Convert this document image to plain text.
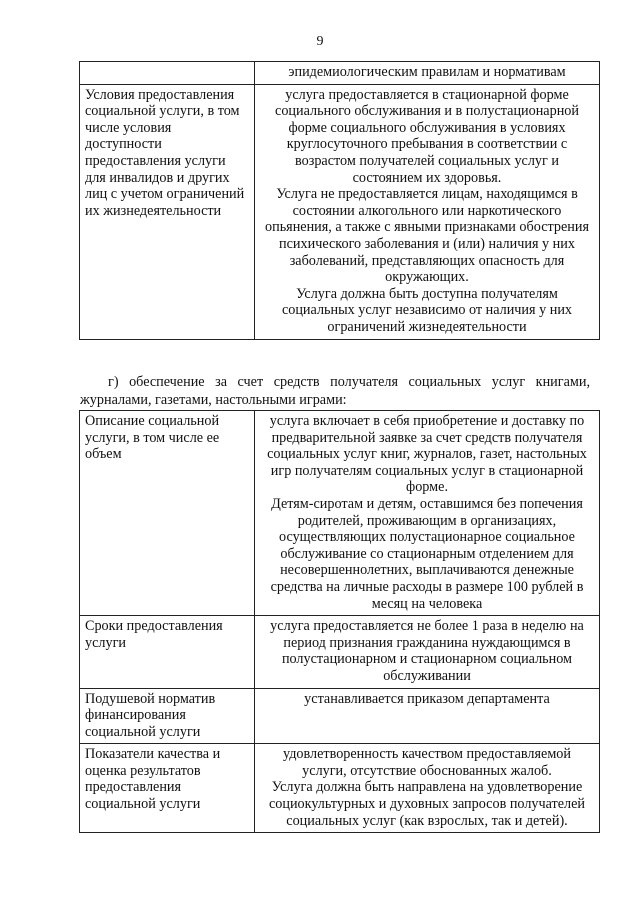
9
	эпидемиологическим правилам и нормативам
Условия предоставления социальной услуги, в том числе условия доступности предоставления услуги для инвалидов и других лиц с учетом ограничений их жизнедеятельности	услуга предоставляется в стационарной форме социального обслуживания и в полустационарной форме социального обслуживания в условиях круглосуточного пребывания в соответствии с возрастом получателей социальных услуг и состоянием их здоровья.
Услуга не предоставляется лицам, находящимся в состоянии алкогольного или наркотического опьянения, а также с явными признаками обострения психического заболевания и (или) наличия у них заболеваний, представляющих опасность для окружающих.
Услуга должна быть доступна получателям социальных услуг независимо от наличия у них ограничений жизнедеятельности

г) обеспечение за счет средств получателя социальных услуг книгами, журналами, газетами, настольными играми:

Описание социальной услуги, в том числе ее объем	услуга включает в себя приобретение и доставку по предварительной заявке за счет средств получателя социальных услуг книг, журналов, газет, настольных игр получателям социальных услуг в стационарной форме.
Детям-сиротам и детям, оставшимся без попечения родителей, проживающим в организациях, осуществляющих полустационарное социальное обслуживание со стационарным отделением для несовершеннолетних, выплачиваются денежные средства на личные расходы в размере 100 рублей в месяц на человека

Сроки предоставления услуги	услуга предоставляется не более 1 раза в неделю на период признания гражданина нуждающимся в полустационарном и стационарном социальном обслуживании

Подушевой норматив финансирования социальной услуги	устанавливается приказом департамента

Показатели качества и оценка результатов предоставления социальной услуги	удовлетворенность качеством предоставляемой услуги, отсутствие обоснованных жалоб.
Услуга должна быть направлена на удовлетворение социокультурных и духовных запросов получателей социальных услуг (как взрослых, так и детей).
